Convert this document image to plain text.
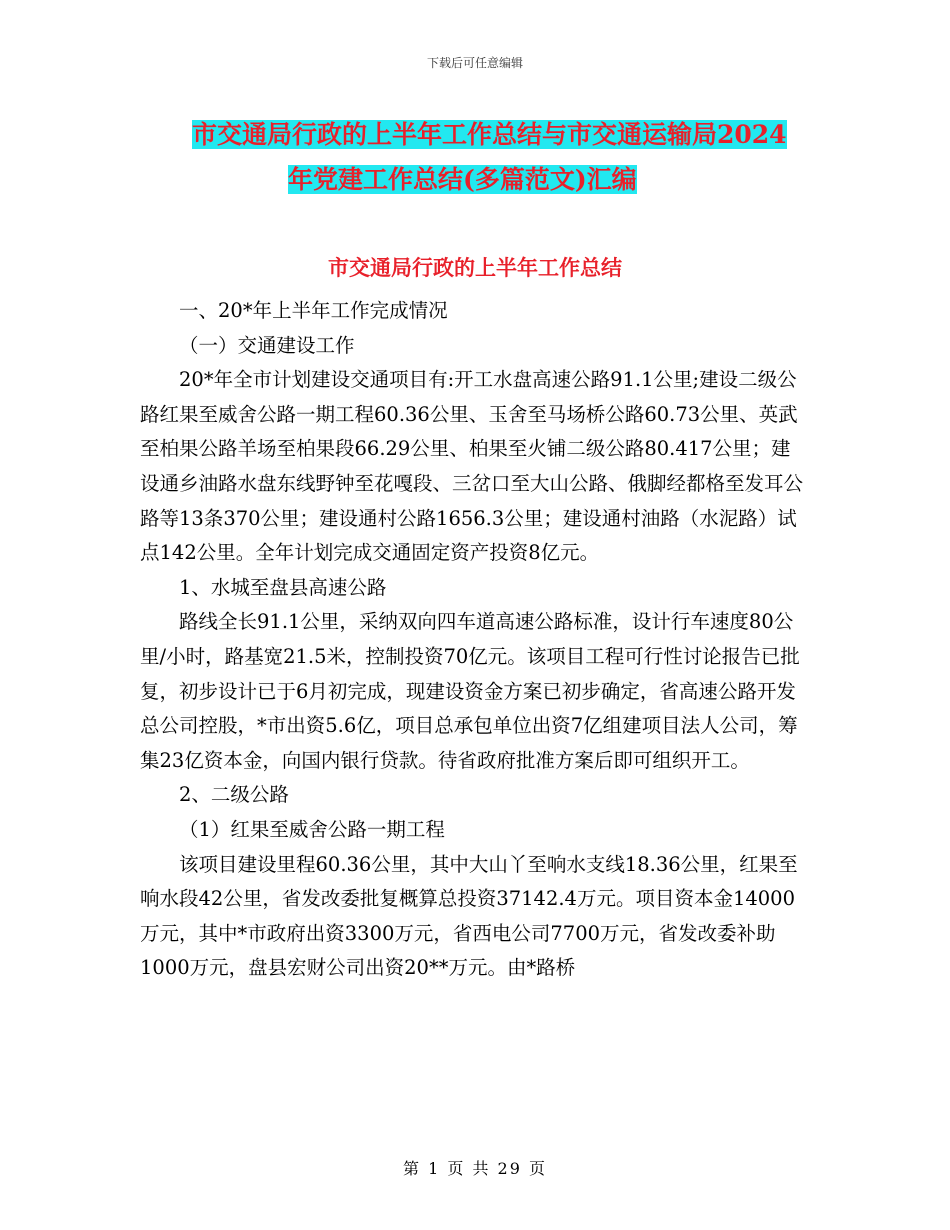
下载后可任意编辑
市交通局行政的上半年工作总结与市交通运输局2024
年党建工作总结(多篇范文)汇编
市交通局行政的上半年工作总结

一、20*年上半年工作完成情况

（一）交通建设工作

20*年全市计划建设交通项目有:开工水盘高速公路91.1公里;建设二级公路红果至威舍公路一期工程60.36公里、玉舍至马场桥公路60.73公里、英武至柏果公路羊场至柏果段66.29公里、柏果至火铺二级公路80.417公里；建设通乡油路水盘东线野钟至花嘎段、三岔口至大山公路、俄脚经都格至发耳公路等13条370公里；建设通村公路1656.3公里；建设通村油路（水泥路）试点142公里。全年计划完成交通固定资产投资8亿元。

1、水城至盘县高速公路

路线全长91.1公里，采纳双向四车道高速公路标准，设计行车速度80公里/小时，路基宽21.5米，控制投资70亿元。该项目工程可行性讨论报告已批复，初步设计已于6月初完成，现建设资金方案已初步确定，省高速公路开发总公司控股，*市出资5.6亿，项目总承包单位出资7亿组建项目法人公司，筹集23亿资本金，向国内银行贷款。待省政府批准方案后即可组织开工。

2、二级公路

（1）红果至威舍公路一期工程

该项目建设里程60.36公里，其中大山丫至响水支线18.36公里，红果至响水段42公里，省发改委批复概算总投资37142.4万元。项目资本金14000万元，其中*市政府出资3300万元，省西电公司7700万元，省发改委补助1000万元，盘县宏财公司出资20**万元。由*路桥

第 1 页 共 29 页
